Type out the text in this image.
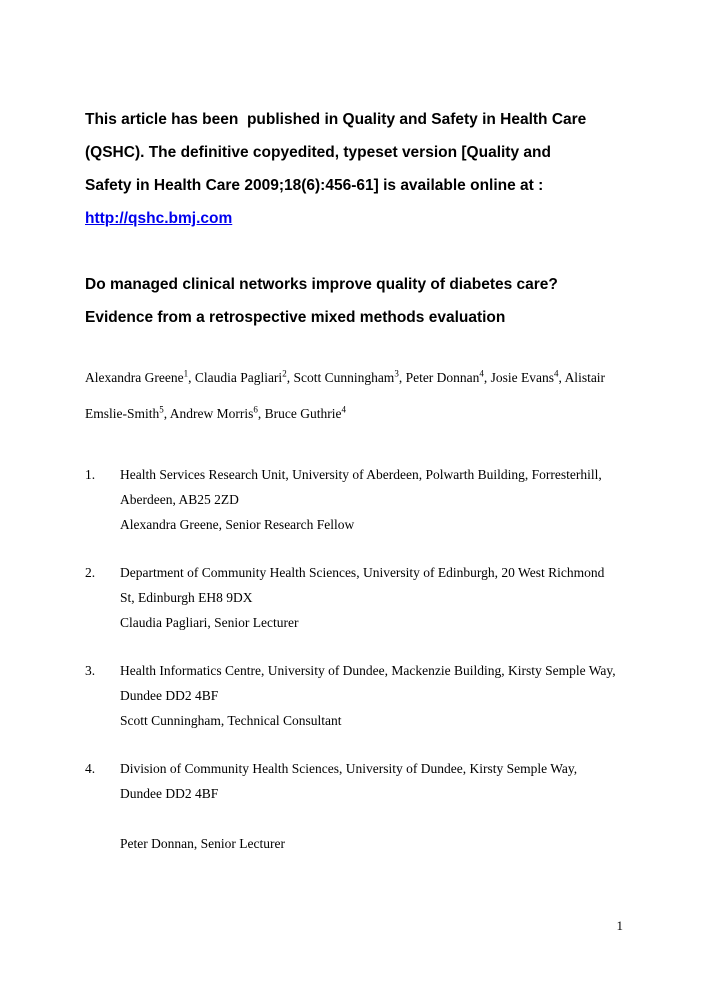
This article has been  published in Quality and Safety in Health Care (QSHC). The definitive copyedited, typeset version [Quality and Safety in Health Care 2009;18(6):456-61] is available online at : http://qshc.bmj.com

Do managed clinical networks improve quality of diabetes care? Evidence from a retrospective mixed methods evaluation

Alexandra Greene$^1$, Claudia Pagliari$^2$, Scott Cunningham$^3$, Peter Donnan$^4$, Josie Evans$^4$, Alistair Emslie-Smith$^5$, Andrew Morris$^6$, Bruce Guthrie$^4$

1.	Health Services Research Unit, University of Aberdeen, Polwarth Building, Forresterhill, Aberdeen, AB25 2ZD
Alexandra Greene, Senior Research Fellow
2.	Department of Community Health Sciences, University of Edinburgh, 20 West Richmond St, Edinburgh EH8 9DX
Claudia Pagliari, Senior Lecturer
3.	Health Informatics Centre, University of Dundee, Mackenzie Building, Kirsty Semple Way, Dundee DD2 4BF
Scott Cunningham, Technical Consultant
4.	Division of Community Health Sciences, University of Dundee, Kirsty Semple Way, Dundee DD2 4BF
Peter Donnan, Senior Lecturer
1
